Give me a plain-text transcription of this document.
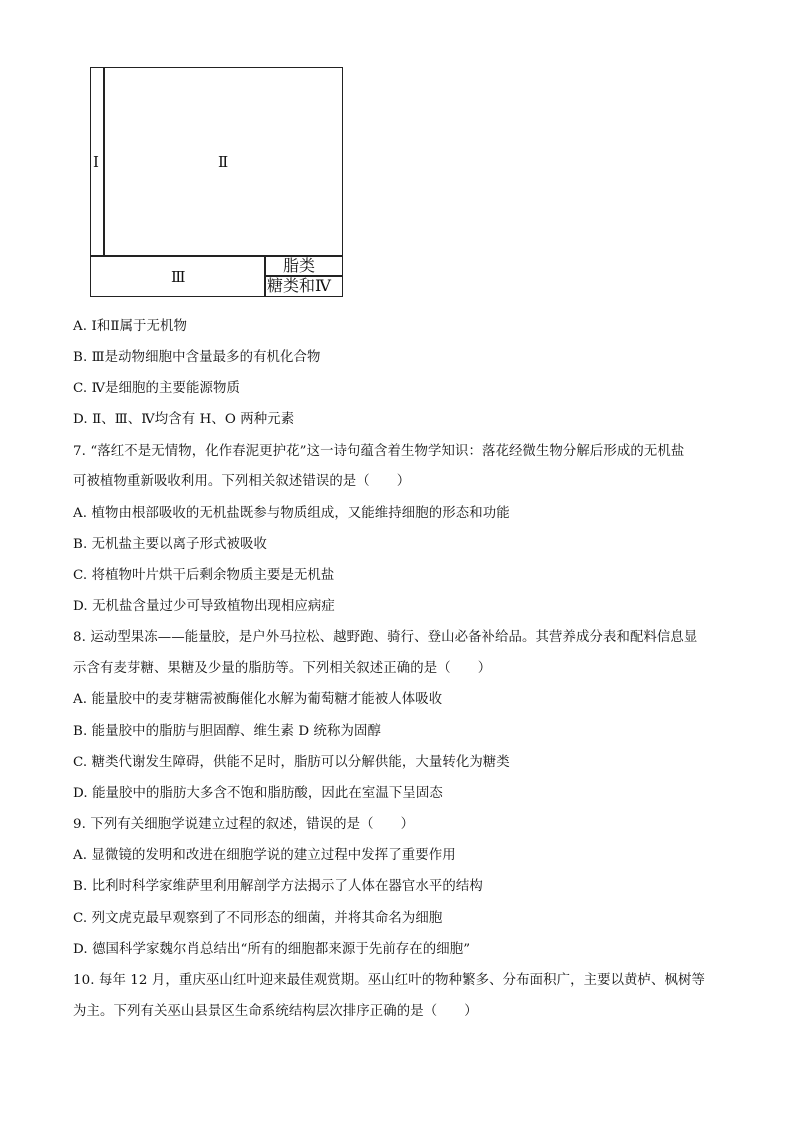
Ⅰ	Ⅱ
Ⅲ
脂类
糖类和Ⅳ
A. Ⅰ和Ⅱ属于无机物
B. Ⅲ是动物细胞中含量最多的有机化合物
C. Ⅳ是细胞的主要能源物质
D. Ⅱ、Ⅲ、Ⅳ均含有 H、O 两种元素
7. “落红不是无情物，化作春泥更护花”这一诗句蕴含着生物学知识：落花经微生物分解后形成的无机盐
可被植物重新吸收利用。下列相关叙述错误的是（　　）
A. 植物由根部吸收的无机盐既参与物质组成，又能维持细胞的形态和功能
B. 无机盐主要以离子形式被吸收
C. 将植物叶片烘干后剩余物质主要是无机盐
D. 无机盐含量过少可导致植物出现相应病症
8. 运动型果冻——能量胶，是户外马拉松、越野跑、骑行、登山必备补给品。其营养成分表和配料信息显
示含有麦芽糖、果糖及少量的脂肪等。下列相关叙述正确的是（　　）
A. 能量胶中的麦芽糖需被酶催化水解为葡萄糖才能被人体吸收
B. 能量胶中的脂肪与胆固醇、维生素 D 统称为固醇
C. 糖类代谢发生障碍，供能不足时，脂肪可以分解供能，大量转化为糖类
D. 能量胶中的脂肪大多含不饱和脂肪酸，因此在室温下呈固态
9. 下列有关细胞学说建立过程的叙述，错误的是（　　）
A. 显微镜的发明和改进在细胞学说的建立过程中发挥了重要作用
B. 比利时科学家维萨里利用解剖学方法揭示了人体在器官水平的结构
C. 列文虎克最早观察到了不同形态的细菌，并将其命名为细胞
D. 德国科学家魏尔肖总结出“所有的细胞都来源于先前存在的细胞”
10. 每年 12 月，重庆巫山红叶迎来最佳观赏期。巫山红叶的物种繁多、分布面积广，主要以黄栌、枫树等
为主。下列有关巫山县景区生命系统结构层次排序正确的是（　　）
